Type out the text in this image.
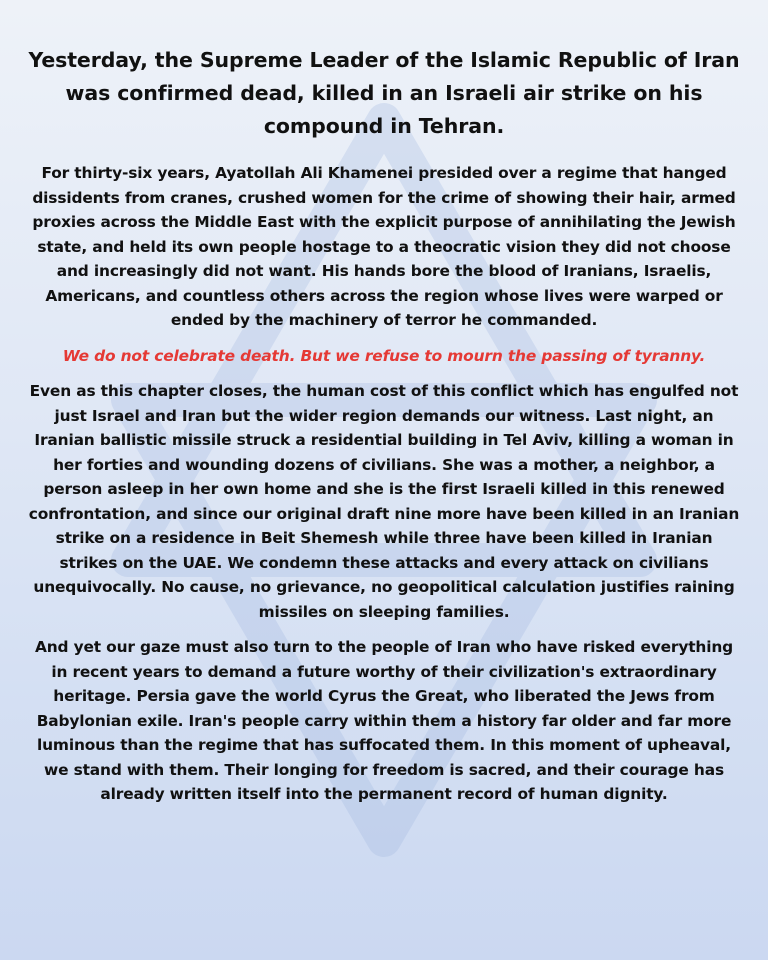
Yesterday, the Supreme Leader of the Islamic Republic of Iran was confirmed dead, killed in an Israeli air strike on his compound in Tehran.

For thirty-six years, Ayatollah Ali Khamenei presided over a regime that hanged dissidents from cranes, crushed women for the crime of showing their hair, armed proxies across the Middle East with the explicit purpose of annihilating the Jewish state, and held its own people hostage to a theocratic vision they did not choose and increasingly did not want. His hands bore the blood of Iranians, Israelis, Americans, and countless others across the region whose lives were warped or ended by the machinery of terror he commanded.

We do not celebrate death. But we refuse to mourn the passing of tyranny.

Even as this chapter closes, the human cost of this conflict which has engulfed not just Israel and Iran but the wider region demands our witness. Last night, an Iranian ballistic missile struck a residential building in Tel Aviv, killing a woman in her forties and wounding dozens of civilians. She was a mother, a neighbor, a person asleep in her own home and she is the first Israeli killed in this renewed confrontation, and since our original draft nine more have been killed in an Iranian strike on a residence in Beit Shemesh while three have been killed in Iranian strikes on the UAE. We condemn these attacks and every attack on civilians unequivocally. No cause, no grievance, no geopolitical calculation justifies raining missiles on sleeping families.

And yet our gaze must also turn to the people of Iran who have risked everything in recent years to demand a future worthy of their civilization's extraordinary heritage. Persia gave the world Cyrus the Great, who liberated the Jews from Babylonian exile. Iran's people carry within them a history far older and far more luminous than the regime that has suffocated them. In this moment of upheaval, we stand with them. Their longing for freedom is sacred, and their courage has already written itself into the permanent record of human dignity.
